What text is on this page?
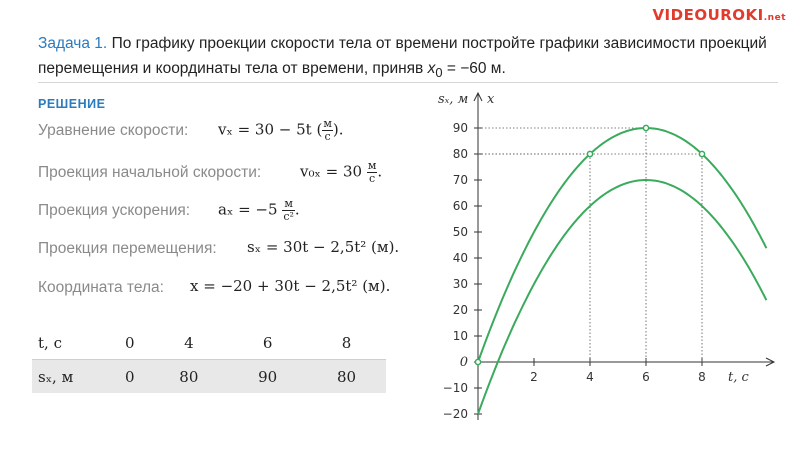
VIDEOUROKI.net
Задача 1. По графику проекции скорости тела от времени постройте графики зависимости проекций перемещения и координаты тела от времени, приняв $x_0 = -60$ м.
РЕШЕНИЕ
Уравнение скорости: vₓ = 30 − 5t ( $\frac{м}{с}$ ).
Проекция начальной скорости:	$v_{0x} = 30 \frac{м}{с}$ .
Проекция ускорения: $a_x = -5 \frac{м}{\text{с²}}$ .
Проекция перемещения: sₓ = 30t − 2,5t² (м).
Координата тела: x = −20 + 30t − 2,5t² (м).
t, с	0	4	6	8
sₓ, м	0	80	90	80
−20
−10
0
10
20
30
40
50
60
70
80
90
2	4	6	8
sₓ, м x
t, c
